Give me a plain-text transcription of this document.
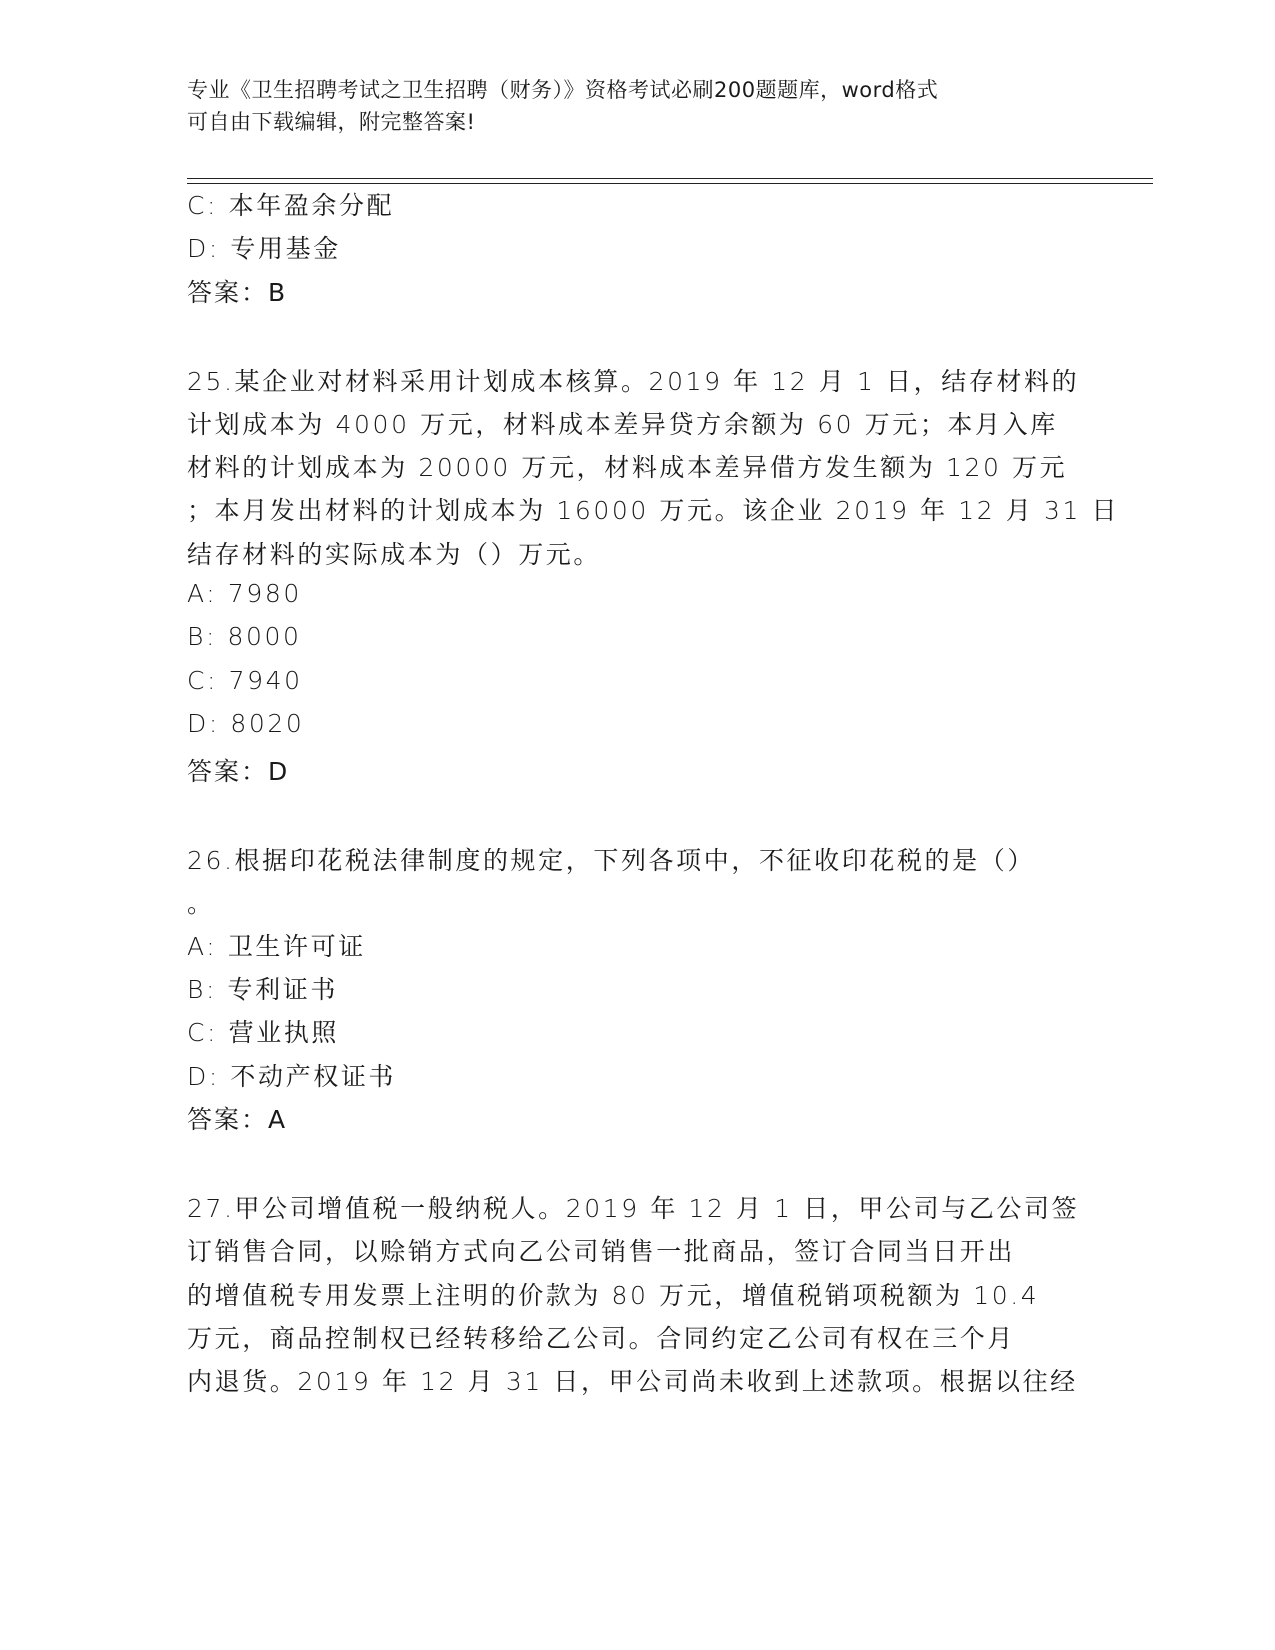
专业《卫生招聘考试之卫生招聘（财务）》资格考试必刷200题题库，word格式
可自由下载编辑，附完整答案!
C: 本年盈余分配
D: 专用基金
答案：B
25.某企业对材料采用计划成本核算。2019 年 12 月 1 日，结存材料的
计划成本为 4000 万元，材料成本差异贷方余额为 60 万元；本月入库
材料的计划成本为 20000 万元，材料成本差异借方发生额为 120 万元
；本月发出材料的计划成本为 16000 万元。该企业 2019 年 12 月 31 日
结存材料的实际成本为（）万元。
A: 7980
B: 8000
C: 7940
D: 8020
答案：D
26.根据印花税法律制度的规定，下列各项中，不征收印花税的是（）
。
A: 卫生许可证
B: 专利证书
C: 营业执照
D: 不动产权证书
答案：A
27.甲公司增值税一般纳税人。2019 年 12 月 1 日，甲公司与乙公司签
订销售合同，以赊销方式向乙公司销售一批商品，签订合同当日开出
的增值税专用发票上注明的价款为 80 万元，增值税销项税额为 10.4
万元，商品控制权已经转移给乙公司。合同约定乙公司有权在三个月
内退货。2019 年 12 月 31 日，甲公司尚未收到上述款项。根据以往经
